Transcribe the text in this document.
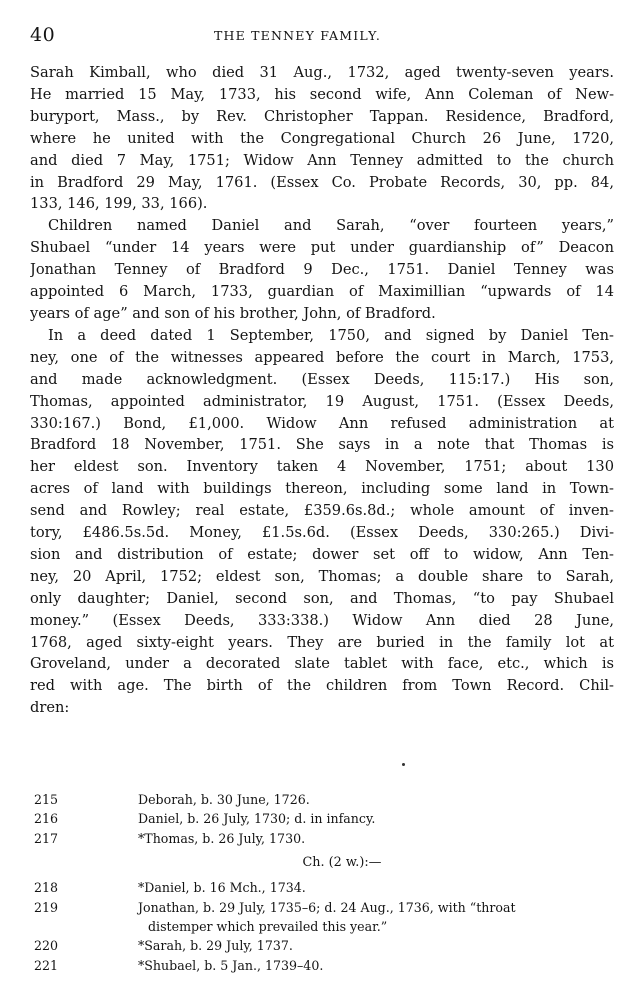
40	THE TENNEY FAMILY.
Sarah Kimball, who died 31 Aug., 1732, aged twenty-seven years.
He married 15 May, 1733, his second wife, Ann Coleman of New-
buryport, Mass., by Rev. Christopher Tappan. Residence, Bradford,
where he united with the Congregational Church 26 June, 1720,
and died 7 May, 1751; Widow Ann Tenney admitted to the church
in Bradford 29 May, 1761. (Essex Co. Probate Records, 30, pp. 84,
133, 146, 199, 33, 166).
Children named Daniel and Sarah, “over fourteen years,”
Shubael “under 14 years were put under guardianship of” Deacon
Jonathan Tenney of Bradford 9 Dec., 1751. Daniel Tenney was
appointed 6 March, 1733, guardian of Maximillian “upwards of 14
years of age” and son of his brother, John, of Bradford.
In a deed dated 1 September, 1750, and signed by Daniel Ten-
ney, one of the witnesses appeared before the court in March, 1753,
and made acknowledgment. (Essex Deeds, 115:17.) His son,
Thomas, appointed administrator, 19 August, 1751. (Essex Deeds,
330:167.) Bond, £1,000. Widow Ann refused administration at
Bradford 18 November, 1751. She says in a note that Thomas is
her eldest son. Inventory taken 4 November, 1751; about 130
acres of land with buildings thereon, including some land in Town-
send and Rowley; real estate, £359.6s.8d.; whole amount of inven-
tory, £486.5s.5d. Money, £1.5s.6d. (Essex Deeds, 330:265.) Divi-
sion and distribution of estate; dower set off to widow, Ann Ten-
ney, 20 April, 1752; eldest son, Thomas; a double share to Sarah,
only daughter; Daniel, second son, and Thomas, “to pay Shubael
money.” (Essex Deeds, 333:338.) Widow Ann died 28 June,
1768, aged sixty-eight years. They are buried in the family lot at
Groveland, under a decorated slate tablet with face, etc., which is
red with age. The birth of the children from Town Record. Chil-
dren:
215	Deborah, b. 30 June, 1726.
216	Daniel, b. 26 July, 1730; d. in infancy.
217	*Thomas, b. 26 July, 1730.
Ch. (2 w.):—
218	*Daniel, b. 16 Mch., 1734.
219	Jonathan, b. 29 July, 1735–6; d. 24 Aug., 1736, with “throat
distemper which prevailed this year.”
220	*Sarah, b. 29 July, 1737.
221	*Shubael, b. 5 Jan., 1739–40.
